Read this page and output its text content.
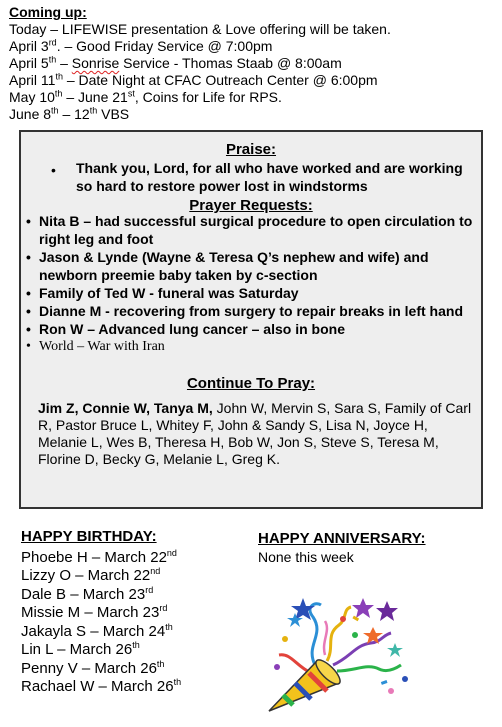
Coming up:
Today – LIFEWISE presentation & Love offering will be taken.
April 3rd. – Good Friday Service @ 7:00pm
April 5th – Sonrise Service - Thomas Staab @ 8:00am
April 11th – Date Night at CFAC Outreach Center @ 6:00pm
May 10th – June 21st, Coins for Life for RPS.
June 8th – 12th VBS
Praise:
• Thank you, Lord, for all who have worked and are working so hard to restore power lost in windstorms
Prayer Requests:
• Nita B – had successful surgical procedure to open circulation to right leg and foot
• Jason & Lynde (Wayne & Teresa Q’s nephew and wife) and newborn preemie baby taken by c-section
• Family of Ted W - funeral was Saturday
• Dianne M - recovering from surgery to repair breaks in left hand
• Ron W – Advanced lung cancer – also in bone
• World – War with Iran
Continue To Pray:
Jim Z, Connie W, Tanya M, John W, Mervin S, Sara S, Family of Carl R, Pastor Bruce L, Whitey F, John & Sandy S, Lisa N, Joyce H, Melanie L, Wes B, Theresa H, Bob W, Jon S, Steve S, Teresa M, Florine D, Becky G, Melanie L, Greg K.
HAPPY BIRTHDAY:
Phoebe H – March 22nd
Lizzy O – March 22nd
Dale B – March 23rd
Missie M – March 23rd
Jakayla S – March 24th
Lin L – March 26th
Penny V – March 26th
Rachael W – March 26th
HAPPY ANNIVERSARY:
None this week
